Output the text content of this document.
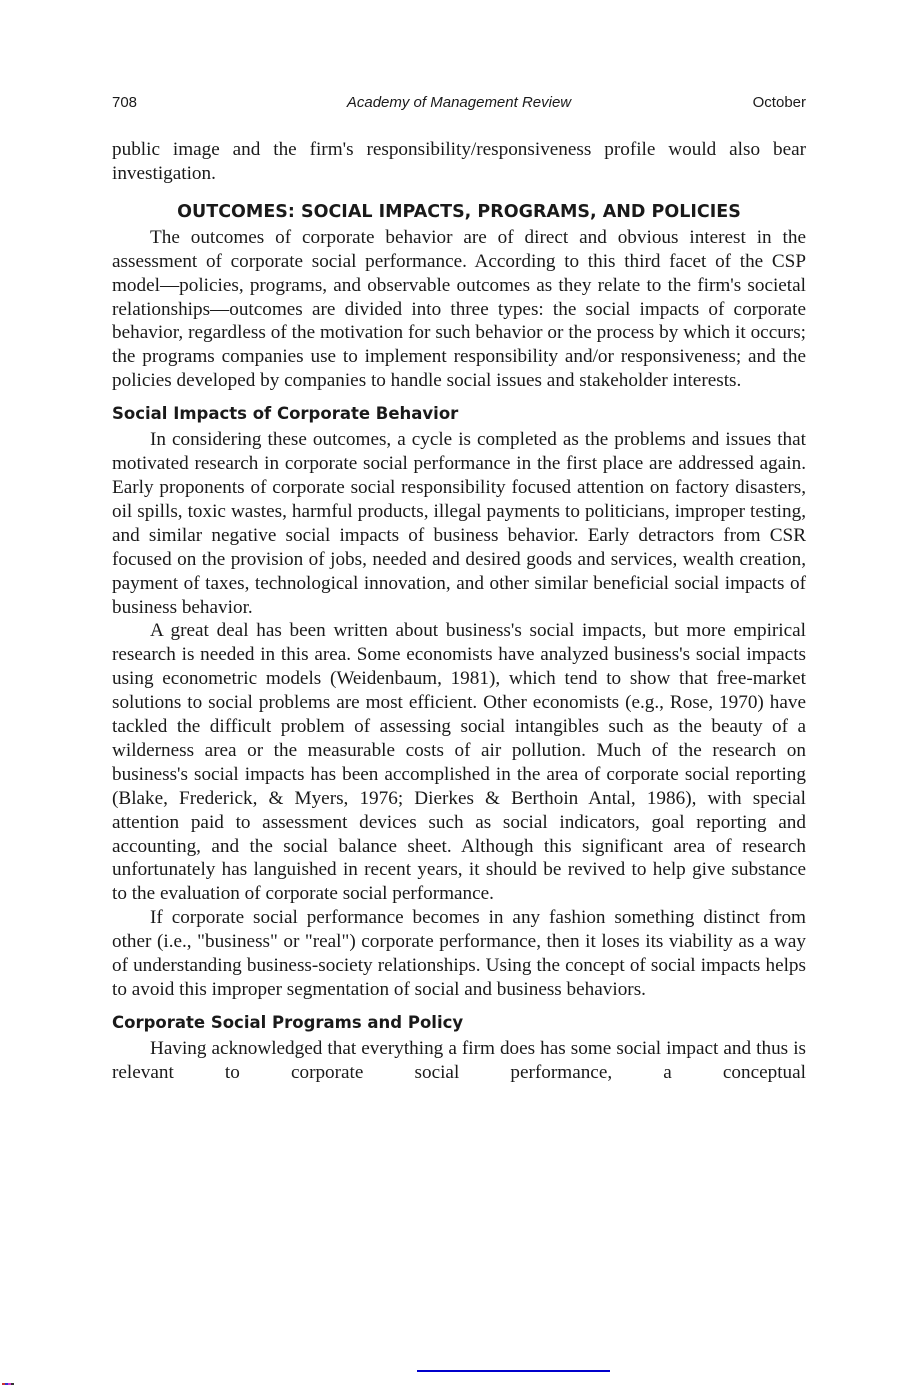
708	Academy of Management Review	October

public image and the firm's responsibility/responsiveness profile would also bear investigation.

OUTCOMES: SOCIAL IMPACTS, PROGRAMS, AND POLICIES

The outcomes of corporate behavior are of direct and obvious interest in the assessment of corporate social performance. According to this third facet of the CSP model—policies, programs, and observable outcomes as they relate to the firm's societal relationships—outcomes are divided into three types: the social impacts of corporate behavior, regardless of the motivation for such behavior or the process by which it occurs; the programs companies use to implement responsibility and/or responsiveness; and the policies developed by companies to handle social issues and stakeholder interests.

Social Impacts of Corporate Behavior

In considering these outcomes, a cycle is completed as the problems and issues that motivated research in corporate social performance in the first place are addressed again. Early proponents of corporate social responsibility focused attention on factory disasters, oil spills, toxic wastes, harmful products, illegal payments to politicians, improper testing, and similar negative social impacts of business behavior. Early detractors from CSR focused on the provision of jobs, needed and desired goods and services, wealth creation, payment of taxes, technological innovation, and other similar beneficial social impacts of business behavior.

A great deal has been written about business's social impacts, but more empirical research is needed in this area. Some economists have analyzed business's social impacts using econometric models (Weidenbaum, 1981), which tend to show that free-market solutions to social problems are most efficient. Other economists (e.g., Rose, 1970) have tackled the difficult problem of assessing social intangibles such as the beauty of a wilderness area or the measurable costs of air pollution. Much of the research on business's social impacts has been accomplished in the area of corporate social reporting (Blake, Frederick, & Myers, 1976; Dierkes & Berthoin Antal, 1986), with special attention paid to assessment devices such as social indicators, goal reporting and accounting, and the social balance sheet. Although this significant area of research unfortunately has languished in recent years, it should be revived to help give substance to the evaluation of corporate social performance.

If corporate social performance becomes in any fashion something distinct from other (i.e., "business" or "real") corporate performance, then it loses its viability as a way of understanding business-society relationships. Using the concept of social impacts helps to avoid this improper segmentation of social and business behaviors.

Corporate Social Programs and Policy

Having acknowledged that everything a firm does has some social impact and thus is relevant to corporate social performance, a conceptual
